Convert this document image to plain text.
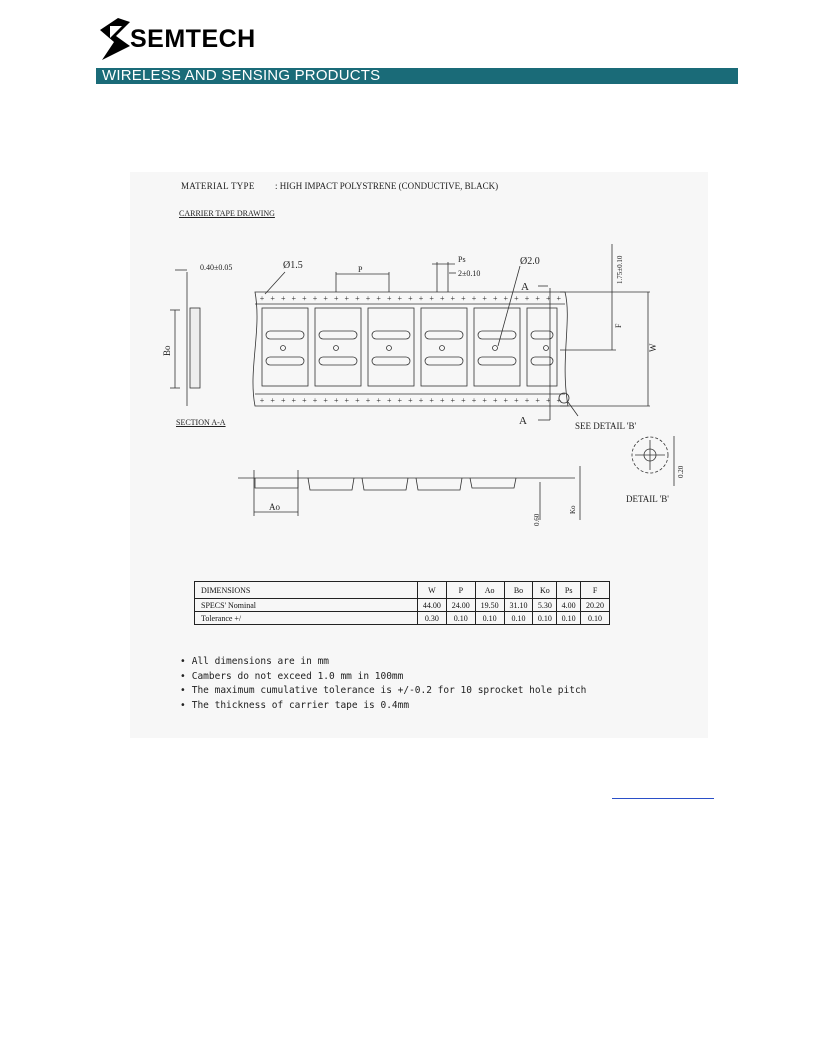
SEMTECH
WIRELESS AND SENSING PRODUCTS
MATERIAL TYPE : HIGH IMPACT POLYSTRENE (CONDUCTIVE, BLACK)
CARRIER TAPE DRAWING
SECTION A-A
+ + + + + + + + + + + + + + + + + + + + + + + + + + + + +
+ + + + + + + + + + + + + + + + + + + + + + + + + + + + +
0.40±0.05	Ø1.5	P
Ps
2±0.10
Ø2.0
A
A
1.75±0.10
F
W
Bo
SEE DETAIL 'B'
Ao
0.60
Ko
0.20
DETAIL 'B'
DIMENSIONS	W	P	Ao	Bo	Ko	Ps	F
SPECS' Nominal	44.00	24.00	19.50	31.10	5.30	4.00	20.20
Tolerance +/	0.30	0.10	0.10	0.10	0.10	0.10	0.10
• All dimensions are in mm
• Cambers do not exceed 1.0 mm in 100mm
• The maximum cumulative tolerance is +/-0.2 for 10 sprocket hole pitch
• The thickness of carrier tape is 0.4mm
